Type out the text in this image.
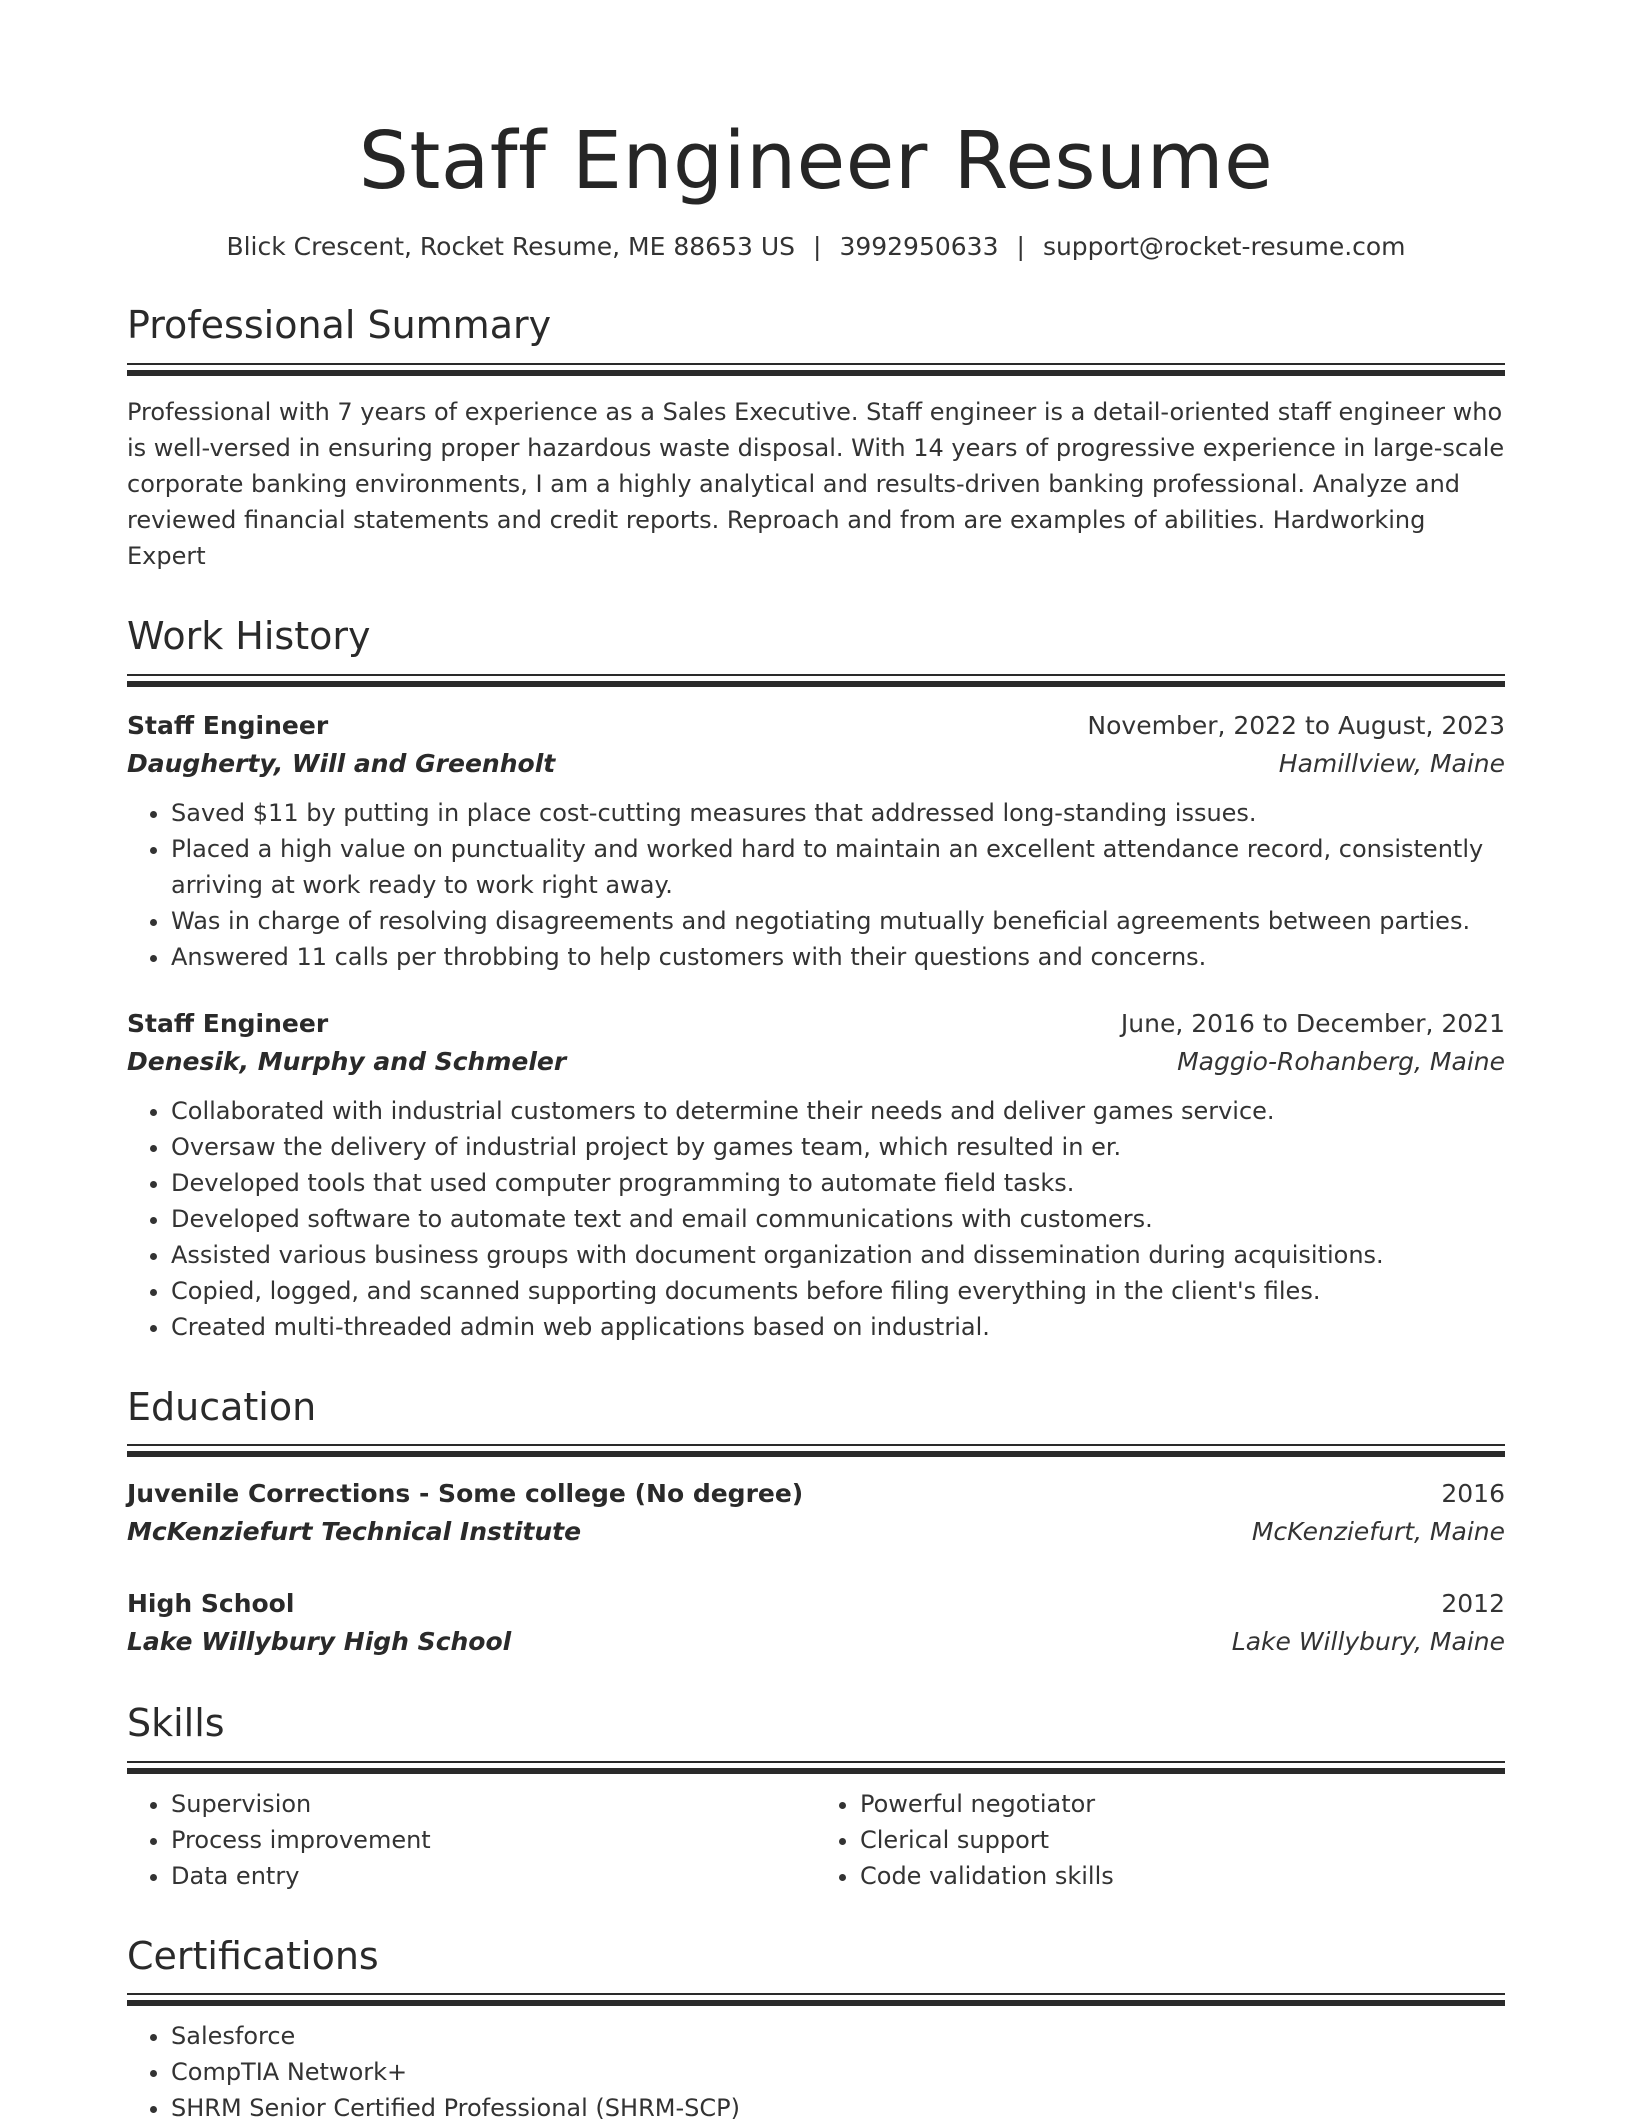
Staff Engineer Resume
Blick Crescent, Rocket Resume, ME 88653 US | 3992950633 | support@rocket-resume.com
Professional Summary
Professional with 7 years of experience as a Sales Executive. Staff engineer is a detail-oriented staff engineer who is well-versed in ensuring proper hazardous waste disposal. With 14 years of progressive experience in large-scale corporate banking environments, I am a highly analytical and results-driven banking professional. Analyze and reviewed financial statements and credit reports. Reproach and from are examples of abilities. Hardworking Expert
Work History
Staff Engineer	November, 2022 to August, 2023
Daugherty, Will and Greenholt	Hamillview, Maine
• Saved $11 by putting in place cost-cutting measures that addressed long-standing issues.
• Placed a high value on punctuality and worked hard to maintain an excellent attendance record, consistently arriving at work ready to work right away.
• Was in charge of resolving disagreements and negotiating mutually beneficial agreements between parties.
• Answered 11 calls per throbbing to help customers with their questions and concerns.
Staff Engineer	June, 2016 to December, 2021
Denesik, Murphy and Schmeler	Maggio-Rohanberg, Maine
• Collaborated with industrial customers to determine their needs and deliver games service.
• Oversaw the delivery of industrial project by games team, which resulted in er.
• Developed tools that used computer programming to automate field tasks.
• Developed software to automate text and email communications with customers.
• Assisted various business groups with document organization and dissemination during acquisitions.
• Copied, logged, and scanned supporting documents before filing everything in the client's files.
• Created multi-threaded admin web applications based on industrial.
Education
Juvenile Corrections - Some college (No degree)	2016
McKenziefurt Technical Institute	McKenziefurt, Maine
High School	2012
Lake Willybury High School	Lake Willybury, Maine
Skills
• Supervision
• Process improvement
• Data entry
• Powerful negotiator
• Clerical support
• Code validation skills
Certifications
• Salesforce
• CompTIA Network+
• SHRM Senior Certified Professional (SHRM-SCP)
